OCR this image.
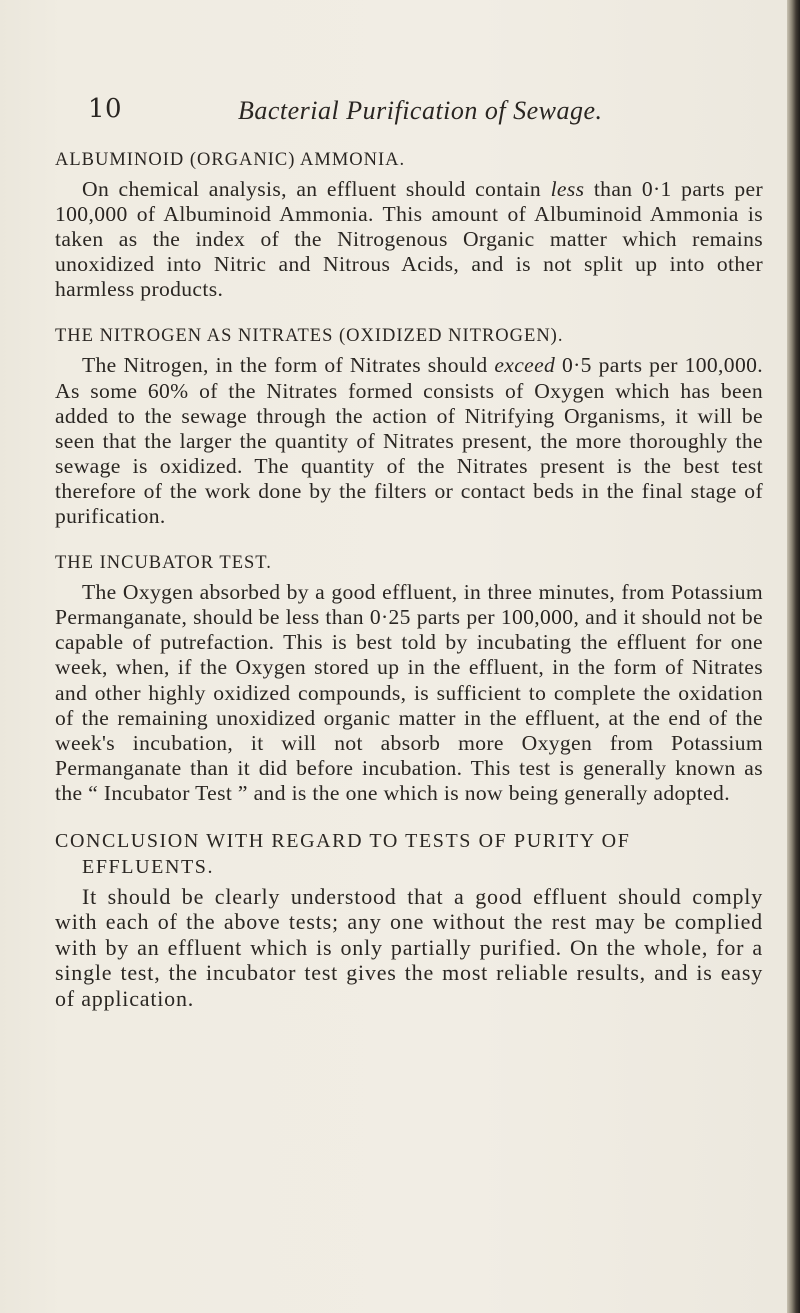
10	Bacterial Purification of Sewage.
ALBUMINOID (ORGANIC) AMMONIA.

On chemical analysis, an effluent should contain less than 0·1 parts per 100,000 of Albuminoid Ammonia. This amount of Albuminoid Ammonia is taken as the index of the Nitrogenous Organic matter which remains unoxidized into Nitric and Nitrous Acids, and is not split up into other harmless products.

THE NITROGEN AS NITRATES (OXIDIZED NITROGEN).

The Nitrogen, in the form of Nitrates should exceed 0·5 parts per 100,000. As some 60% of the Nitrates formed consists of Oxygen which has been added to the sewage through the action of Nitrifying Organisms, it will be seen that the larger the quantity of Nitrates present, the more thoroughly the sewage is oxidized. The quantity of the Nitrates present is the best test therefore of the work done by the filters or contact beds in the final stage of purification.

THE INCUBATOR TEST.

The Oxygen absorbed by a good effluent, in three minutes, from Potassium Permanganate, should be less than 0·25 parts per 100,000, and it should not be capable of putrefaction. This is best told by incubating the effluent for one week, when, if the Oxygen stored up in the effluent, in the form of Nitrates and other highly oxidized compounds, is sufficient to complete the oxidation of the remaining unoxidized organic matter in the effluent, at the end of the week's incubation, it will not absorb more Oxygen from Potassium Permanganate than it did before incubation. This test is generally known as the “ Incubator Test ” and is the one which is now being generally adopted.

CONCLUSION WITH REGARD TO TESTS OF PURITY OF EFFLUENTS.

It should be clearly understood that a good effluent should comply with each of the above tests; any one without the rest may be complied with by an effluent which is only partially purified. On the whole, for a single test, the incubator test gives the most reliable results, and is easy of application.
